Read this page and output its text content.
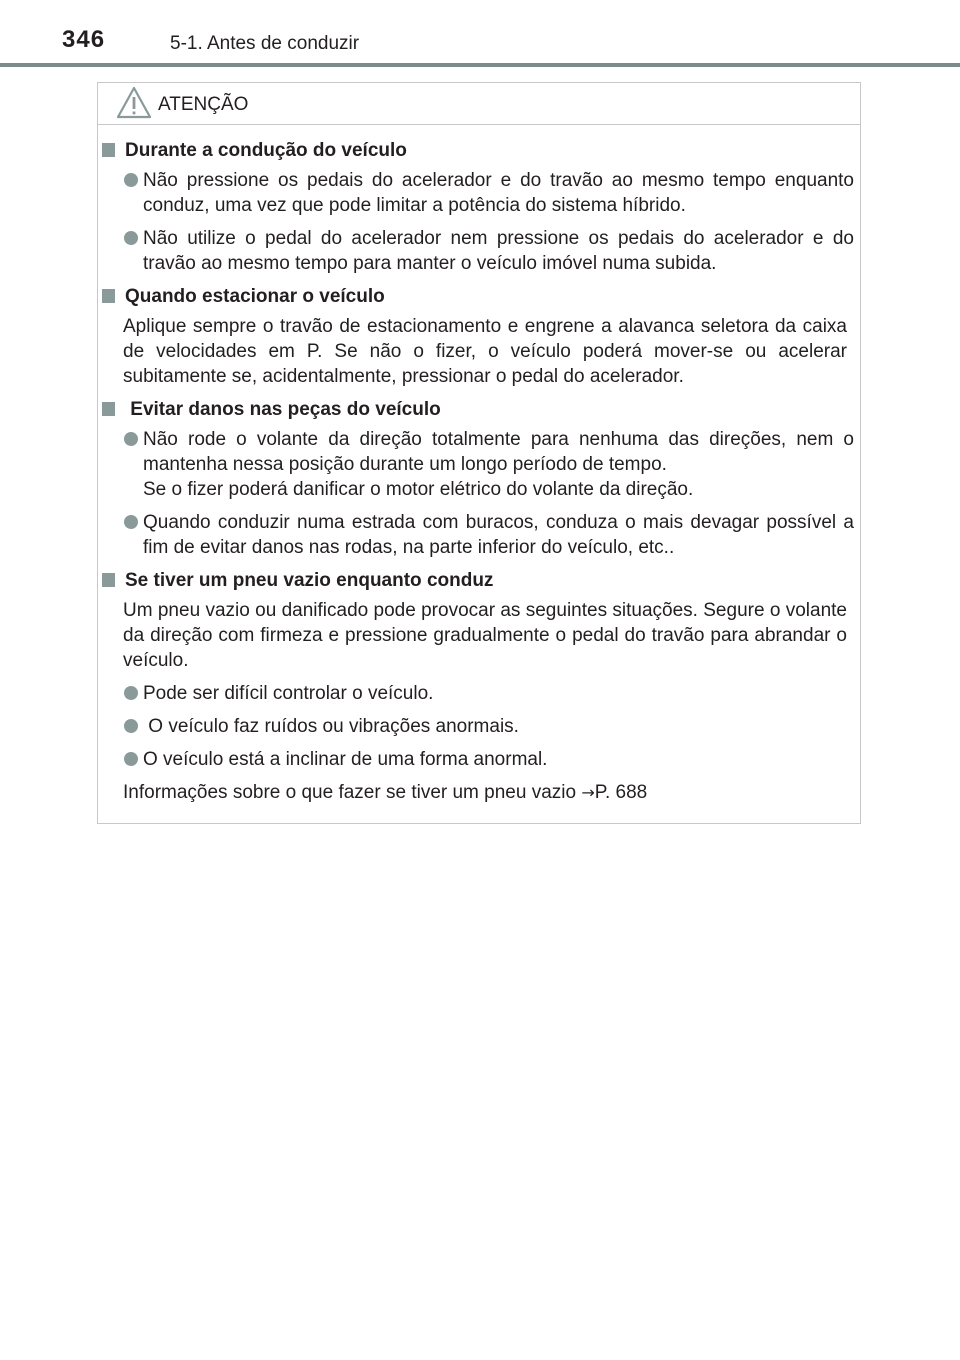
346	5-1. Antes de conduzir
ATENÇÃO
Durante a condução do veículo
Não pressione os pedais do acelerador e do travão ao mesmo tempo enquanto conduz, uma vez que pode limitar a potência do sistema híbrido.
Não utilize o pedal do acelerador nem pressione os pedais do acelerador e do travão ao mesmo tempo para manter o veículo imóvel numa subida.
Quando estacionar o veículo
Aplique sempre o travão de estacionamento e engrene a alavanca seletora da caixa de velocidades em P. Se não o fizer, o veículo poderá mover-se ou acelerar subitamente se, acidentalmente, pressionar o pedal do acelerador.
Evitar danos nas peças do veículo
Não rode o volante da direção totalmente para nenhuma das direções, nem o mantenha nessa posição durante um longo período de tempo.
Se o fizer poderá danificar o motor elétrico do volante da direção.
Quando conduzir numa estrada com buracos, conduza o mais devagar possível a fim de evitar danos nas rodas, na parte inferior do veículo, etc..
Se tiver um pneu vazio enquanto conduz
Um pneu vazio ou danificado pode provocar as seguintes situações. Segure o volante da direção com firmeza e pressione gradualmente o pedal do travão para abrandar o veículo.
Pode ser difícil controlar o veículo.
O veículo faz ruídos ou vibrações anormais.
O veículo está a inclinar de uma forma anormal.
Informações sobre o que fazer se tiver um pneu vazio →P. 688
